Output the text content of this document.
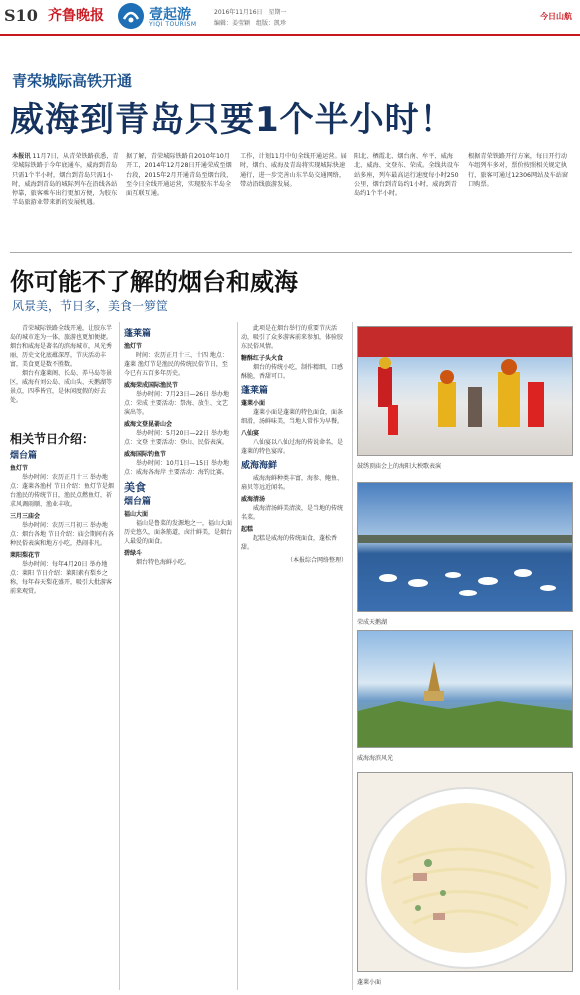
S10 齐鲁晚报	壹起游
YIQI TOURISM
2016年11月16日　星期一
编辑：姜莹颖　组版：凯珍
今日山航
青荣城际高铁开通
威海到青岛只要1个半小时！
本报讯 11月7日，从青荣铁路获悉，青荣城际铁路于今年底通车，威海到青岛只需1个半小时，烟台到青岛只需1小时，威海到青岛的城际列车在沿线各站停靠，旅客乘车出行更加方便，为胶东半岛旅游业带来新的发展机遇。
据了解，青荣城际铁路自2010年10月开工，2014年12月28日开通荣成至烟台段，2015年2月开通青岛至烟台段，至今日全线开通运营，实现胶东半岛全面互联互通。
工作，计划11月中旬全线开通运营。届时，烟台、威海及青岛将实现城际快速通行，进一步完善山东半岛交通网络，带动沿线旅游发展。
阳北、栖霞北、烟台南、牟平、威海北、威海、文登东、荣成。全线共设车站多座，列车最高运行速度每小时250公里，烟台到青岛约1小时，威海到青岛约1个半小时。
根据青荣铁路开行方案，每日开行动车组列车多对，票价按照相关规定执行，旅客可通过12306网站及车站窗口购票。
你可能不了解的烟台和威海
风景美，节日多，美食一箩筐

青荣城际铁路全线开通，让胶东半岛的城市连为一体，旅游也更加便捷。烟台和威海是著名的滨海城市，风光秀丽，历史文化底蕴深厚，节庆活动丰富，美食更是数不胜数。

烟台有蓬莱阁、长岛、养马岛等景区，威海有刘公岛、成山头、天鹅湖等景点，四季皆宜，是休闲度假的好去处。

相关节日介绍：
烟台篇
鱼灯节

举办时间：农历正月十三 举办地点：蓬莱各渔村 节日介绍：鱼灯节是烟台渔民的传统节日，渔民点燃鱼灯，祈求风调雨顺、渔业丰收。

三月三庙会

举办时间：农历三月初三 举办地点：烟台各地 节日介绍：庙会期间有各种民俗表演和地方小吃，热闹非凡。

莱阳梨花节

举办时间：每年4月20日 举办地点：莱阳 节日介绍：莱阳素有梨乡之称，每年春天梨花盛开，吸引大批游客前来观赏。

蓬莱篇
渔灯节

时间：农历正月十三、十四 地点：蓬莱 渔灯节是渔民的传统民俗节日，至今已有五百多年历史。

威海荣成国际渔民节

举办时间：7月23日—26日 举办地点：荣成 主要活动：祭海、放生、文艺演出等。

威海文登昆嵛山会

举办时间：5月20日—22日 举办地点：文登 主要活动：登山、民俗表演。

威海国际钓鱼节

举办时间：10月1日—15日 举办地点：威海各海岸 主要活动：海钓比赛。

美食
烟台篇
福山大面

福山是鲁菜的发源地之一，福山大面历史悠久，面条筋道，卤汁鲜美，是烟台人最爱的面食。

碧绿斗

烟台特色海鲜小吃。

此项是在烟台举行的重要节庆活动，吸引了众多游客前来参加，体验胶东民俗风情。

糖酥红子头火食

烟台的传统小吃，制作精细，口感酥脆，香甜可口。

蓬莱篇
蓬莱小面

蓬莱小面是蓬莱的特色面食，面条细滑，汤鲜味美，当地人常作为早餐。

八仙宴

八仙宴以八仙过海的传说命名，是蓬莱的特色宴席。

威海海鲜

威海海鲜种类丰富，海参、鲍鱼、扇贝等远近闻名。

威海清汤

威海清汤鲜美清淡，是当地的传统名菜。

起糕

起糕是威海的传统面食，蓬松香甜。

（本报综合网络整理）
鼓绣顶庙会上的海阳大秧歌表演
荣成天鹅湖
威海海滨风光
蓬莱小面
